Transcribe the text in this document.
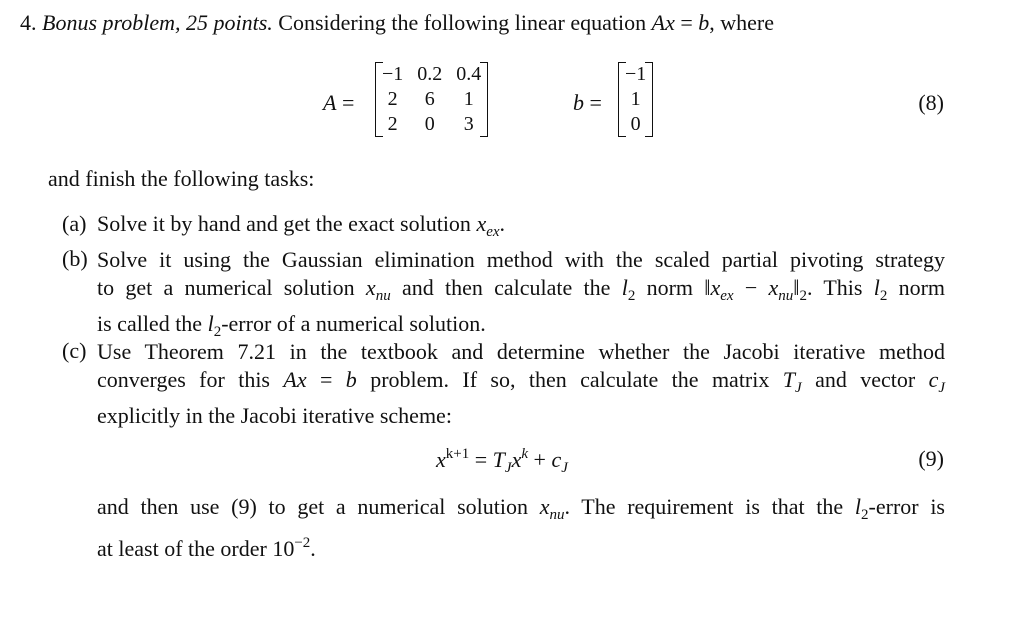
4. Bonus problem, 25 points. Considering the following linear equation Ax = b, where
A =
−1	0.2	0.4
2	6	1
2	0	3
b =
−1
1
0
(8)
and finish the following tasks:
(a) Solve it by hand and get the exact solution $x_{ex}$.
(b) Solve it using the Gaussian elimination method with the scaled partial pivoting strategy
to get a numerical solution $x_{nu}$ and then calculate the $l_2$ norm $‖x_{ex}$ − $x_{nu}‖_2$. This $l_2$ norm
is called the $l_2$-error of a numerical solution.
(c) Use Theorem 7.21 in the textbook and determine whether the Jacobi iterative method
converges for this Ax = b problem. If so, then calculate the matrix $T_J$ and vector $c_J$
explicitly in the Jacobi iterative scheme:
$x^{k+1} = T_Jx^k + c_J$	(9)
and then use (9) to get a numerical solution $x_{nu}$. The requirement is that the $l_2$-error is
at least of the order $10^{-2}$.
